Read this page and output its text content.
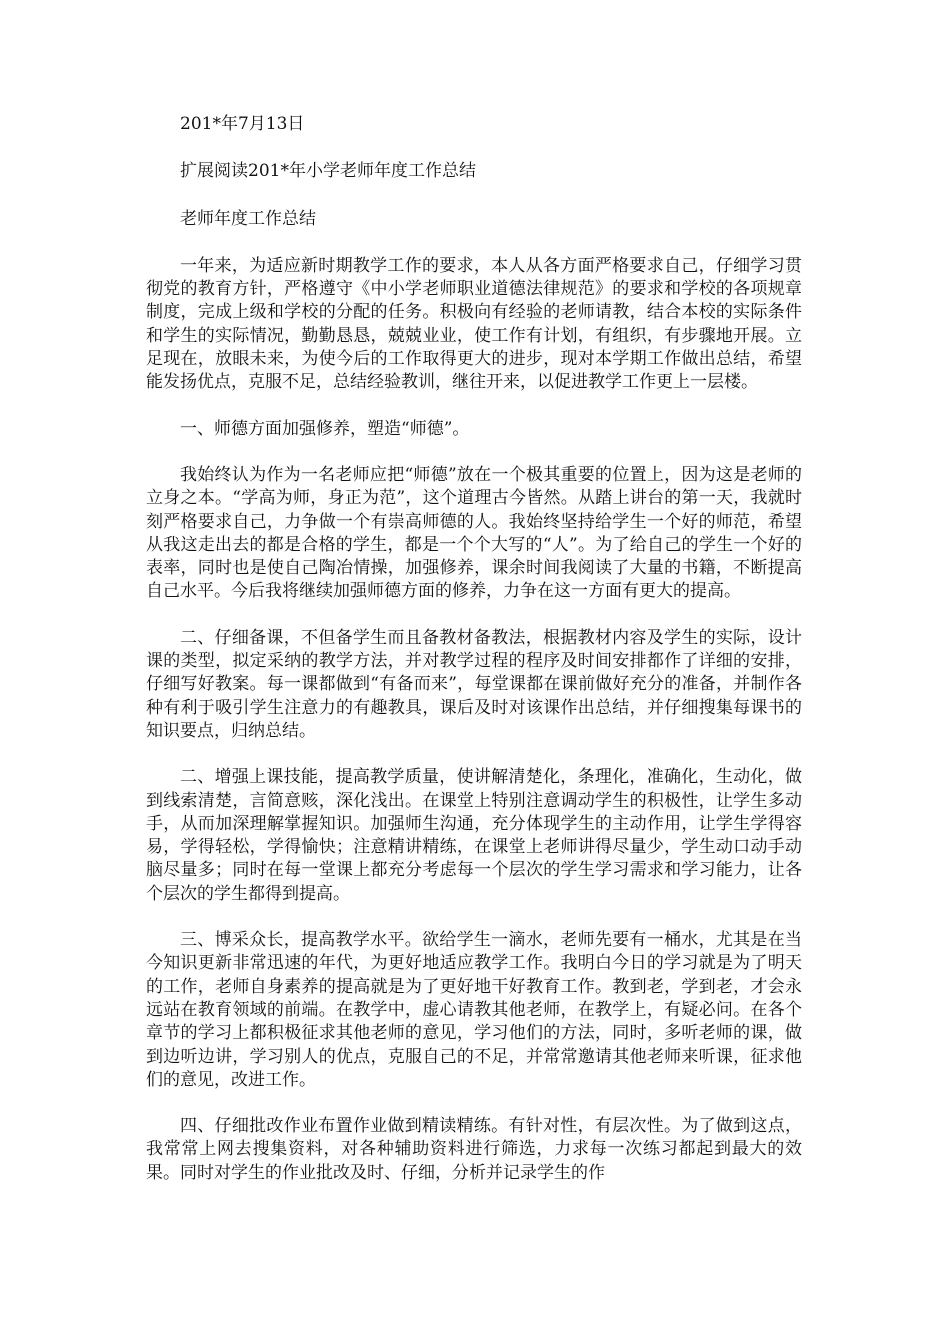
201*年7月13日

扩展阅读201*年小学老师年度工作总结

老师年度工作总结

一年来，为适应新时期教学工作的要求，本人从各方面严格要求自己，仔细学习贯彻党的教育方针，严格遵守《中小学老师职业道德法律规范》的要求和学校的各项规章制度，完成上级和学校的分配的任务。积极向有经验的老师请教，结合本校的实际条件和学生的实际情况，勤勤恳恳，兢兢业业，使工作有计划，有组织，有步骤地开展。立足现在，放眼未来，为使今后的工作取得更大的进步，现对本学期工作做出总结，希望能发扬优点，克服不足，总结经验教训，继往开来，以促进教学工作更上一层楼。

一、师德方面加强修养，塑造“师德”。

我始终认为作为一名老师应把“师德”放在一个极其重要的位置上，因为这是老师的立身之本。“学高为师，身正为范”，这个道理古今皆然。从踏上讲台的第一天，我就时刻严格要求自己，力争做一个有崇高师德的人。我始终坚持给学生一个好的师范，希望从我这走出去的都是合格的学生，都是一个个大写的“人”。为了给自己的学生一个好的表率，同时也是使自己陶冶情操，加强修养，课余时间我阅读了大量的书籍，不断提高自己水平。今后我将继续加强师德方面的修养，力争在这一方面有更大的提高。

二、仔细备课，不但备学生而且备教材备教法，根据教材内容及学生的实际，设计课的类型，拟定采纳的教学方法，并对教学过程的程序及时间安排都作了详细的安排，仔细写好教案。每一课都做到“有备而来”，每堂课都在课前做好充分的准备，并制作各种有利于吸引学生注意力的有趣教具，课后及时对该课作出总结，并仔细搜集每课书的知识要点，归纳总结。

二、增强上课技能，提高教学质量，使讲解清楚化，条理化，准确化，生动化，做到线索清楚，言简意赅，深化浅出。在课堂上特别注意调动学生的积极性，让学生多动手，从而加深理解掌握知识。加强师生沟通，充分体现学生的主动作用，让学生学得容易，学得轻松，学得愉快；注意精讲精练，在课堂上老师讲得尽量少，学生动口动手动脑尽量多；同时在每一堂课上都充分考虑每一个层次的学生学习需求和学习能力，让各个层次的学生都得到提高。

三、博采众长，提高教学水平。欲给学生一滴水，老师先要有一桶水，尤其是在当今知识更新非常迅速的年代，为更好地适应教学工作。我明白今日的学习就是为了明天的工作，老师自身素养的提高就是为了更好地干好教育工作。教到老，学到老，才会永远站在教育领域的前端。在教学中，虚心请教其他老师，在教学上，有疑必问。在各个章节的学习上都积极征求其他老师的意见，学习他们的方法，同时，多听老师的课，做到边听边讲，学习别人的优点，克服自己的不足，并常常邀请其他老师来听课，征求他们的意见，改进工作。

四、仔细批改作业布置作业做到精读精练。有针对性，有层次性。为了做到这点，我常常上网去搜集资料，对各种辅助资料进行筛选，力求每一次练习都起到最大的效果。同时对学生的作业批改及时、仔细，分析并记录学生的作
